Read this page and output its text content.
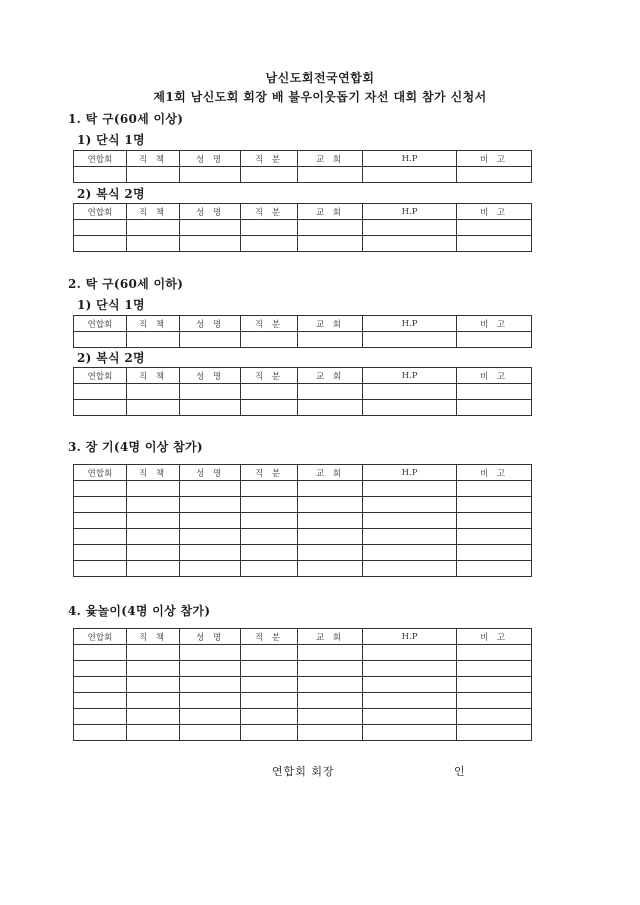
남신도회전국연합회
제1회 남신도회 회장 배 불우이웃돕기 자선 대회 참가 신청서
1. 탁 구(60세 이상)
1) 단식 1명
연합회	직 책	성 명	직 분	교 회	H.P	비 고

2) 복식 2명
연합회	직 책	성 명	직 분	교 회	H.P	비 고

2. 탁 구(60세 이하)
1) 단식 1명
연합회	직 책	성 명	직 분	교 회	H.P	비 고

2) 복식 2명
연합회	직 책	성 명	직 분	교 회	H.P	비 고

3. 장 기(4명 이상 참가)
연합회	직 책	성 명	직 분	교 회	H.P	비 고

4. 윷놀이(4명 이상 참가)
연합회	직 책	성 명	직 분	교 회	H.P	비 고

연합회 회장	인
